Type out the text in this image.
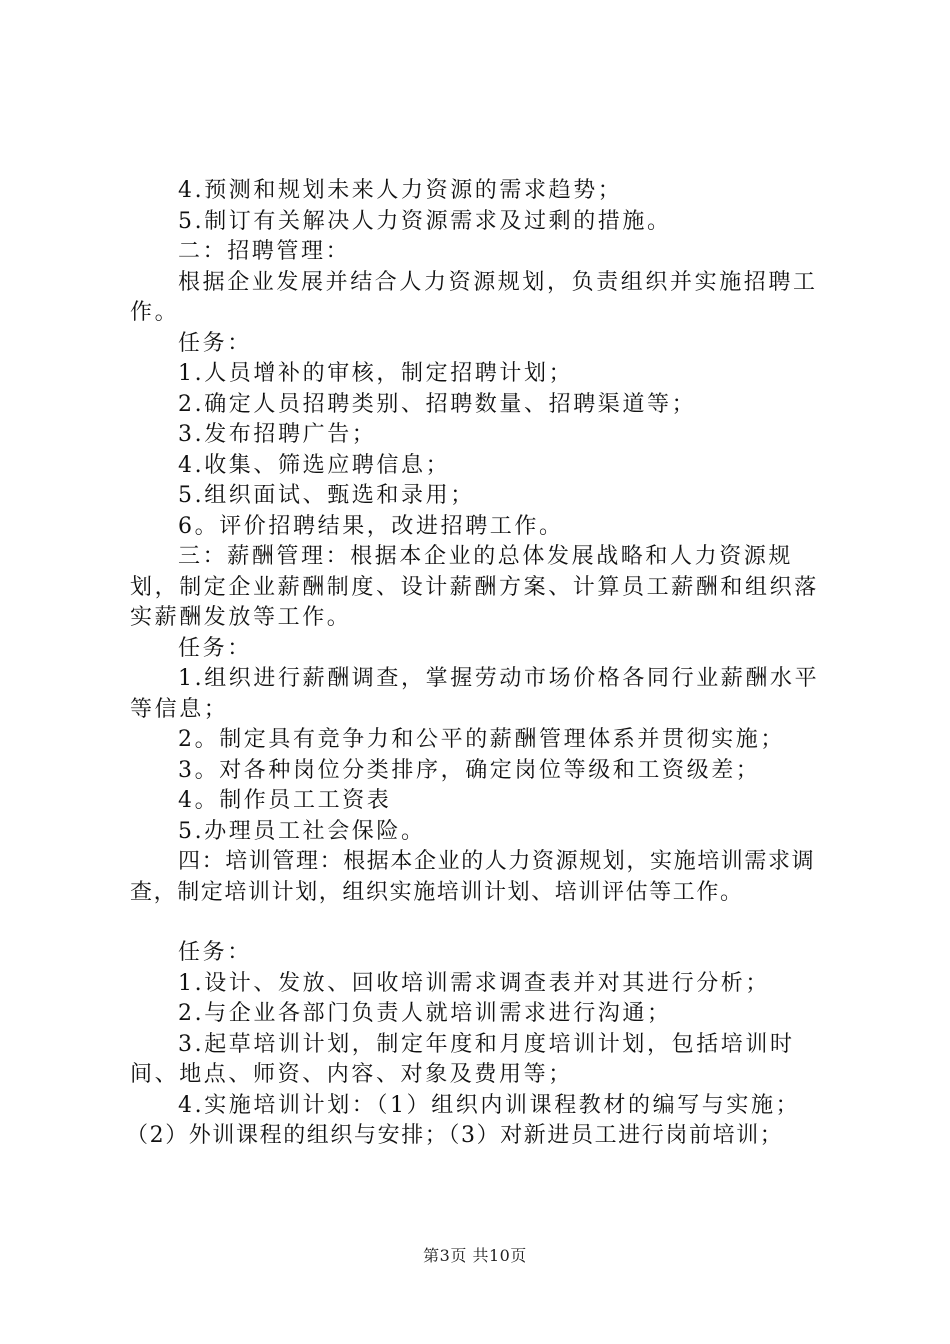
4.预测和规划未来人力资源的需求趋势；

5.制订有关解决人力资源需求及过剩的措施。

二：招聘管理：

根据企业发展并结合人力资源规划，负责组织并实施招聘工作。

任务：

1.人员增补的审核，制定招聘计划；

2.确定人员招聘类别、招聘数量、招聘渠道等；

3.发布招聘广告；

4.收集、筛选应聘信息；

5.组织面试、甄选和录用；

6。评价招聘结果，改进招聘工作。

三：薪酬管理：根据本企业的总体发展战略和人力资源规划，制定企业薪酬制度、设计薪酬方案、计算员工薪酬和组织落实薪酬发放等工作。

任务：

1.组织进行薪酬调查，掌握劳动市场价格各同行业薪酬水平等信息；

2。制定具有竞争力和公平的薪酬管理体系并贯彻实施；

3。对各种岗位分类排序，确定岗位等级和工资级差；

4。制作员工工资表

5.办理员工社会保险。

四：培训管理：根据本企业的人力资源规划，实施培训需求调查，制定培训计划，组织实施培训计划、培训评估等工作。

任务：

1.设计、发放、回收培训需求调查表并对其进行分析；

2.与企业各部门负责人就培训需求进行沟通；

3.起草培训计划，制定年度和月度培训计划，包括培训时间、地点、师资、内容、对象及费用等；

4.实施培训计划：（1）组织内训课程教材的编写与实施；

（2）外训课程的组织与安排；（3）对新进员工进行岗前培训；

第3页 共10页
